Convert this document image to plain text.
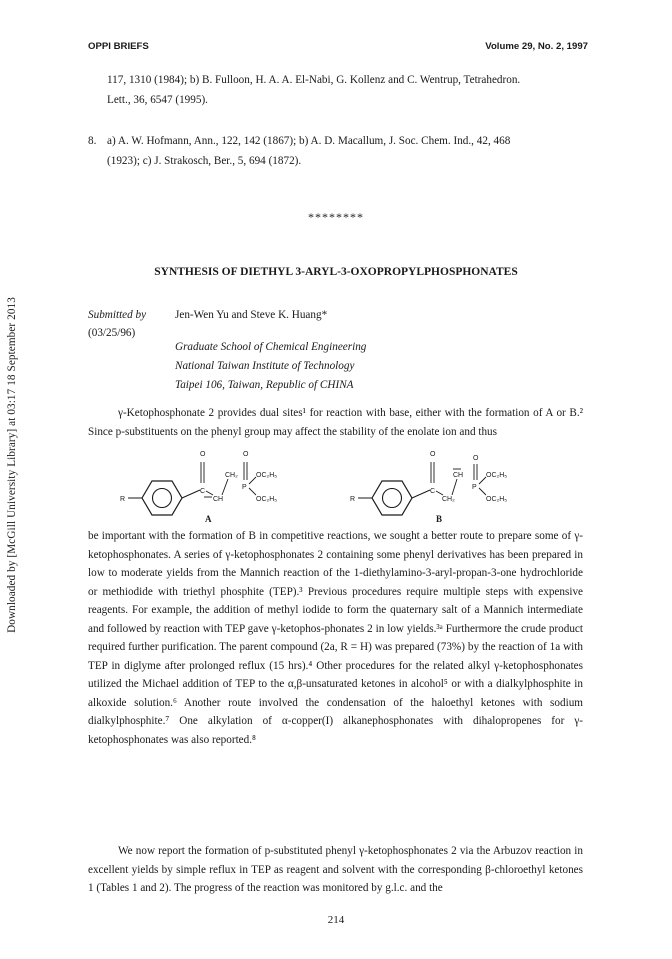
Downloaded by [McGill University Library] at 03:17 18 September 2013
OPPI BRIEFS	Volume 29, No. 2, 1997
117, 1310 (1984); b) B. Fulloon, H. A. A. El-Nabi, G. Kollenz and C. Wentrup, Tetrahedron.
Lett., 36, 6547 (1995).
8. a) A. W. Hofmann, Ann., 122, 142 (1867); b) A. D. Macallum, J. Soc. Chem. Ind., 42, 468
(1923); c) J. Strakosch, Ber., 5, 694 (1872).
********
SYNTHESIS OF DIETHYL 3-ARYL-3-OXOPROPYLPHOSPHONATES
Submitted by
(03/25/96)
Jen-Wen Yu and Steve K. Huang*
Graduate School of Chemical Engineering
National Taiwan Institute of Technology
Taipei 106, Taiwan, Republic of CHINA
γ-Ketophosphonate 2 provides dual sites¹ for reaction with base, either with the formation of A or B.² Since p-substituents on the phenyl group may affect the stability of the enolate ion and thus
R
C
O
CH
CH₂
O
P
OC₂H₅
OC₂H₅
A
R
C
O
CH₂
CH
O
P
OC₂H₅
OC₂H₅
B
be important with the formation of B in competitive reactions, we sought a better route to prepare some of γ-ketophosphonates. A series of γ-ketophosphonates 2 containing some phenyl derivatives has been prepared in low to moderate yields from the Mannich reaction of the 1-diethylamino-3-aryl-propan-3-one hydrochloride or methiodide with triethyl phosphite (TEP).³ Previous procedures require multiple steps with expensive reagents. For example, the addition of methyl iodide to form the quaternary salt of a Mannich intermediate and followed by reaction with TEP gave γ-ketophos-phonates 2 in low yields.³ᵃ Furthermore the crude product required further purification. The parent compound (2a, R = H) was prepared (73%) by the reaction of 1a with TEP in diglyme after prolonged reflux (15 hrs).⁴ Other procedures for the related alkyl γ-ketophosphonates utilized the Michael addition of TEP to the α,β-unsaturated ketones in alcohol⁵ or with a dialkylphosphite in alkoxide solution.⁶ Another route involved the condensation of the haloethyl ketones with sodium dialkylphosphite.⁷ One alkylation of α-copper(I) alkanephosphonates with dihalopropenes for γ-ketophosphonates was also reported.⁸
We now report the formation of p-substituted phenyl γ-ketophosphonates 2 via the Arbuzov reaction in excellent yields by simple reflux in TEP as reagent and solvent with the corresponding β-chloroethyl ketones 1 (Tables 1 and 2). The progress of the reaction was monitored by g.l.c. and the
214
